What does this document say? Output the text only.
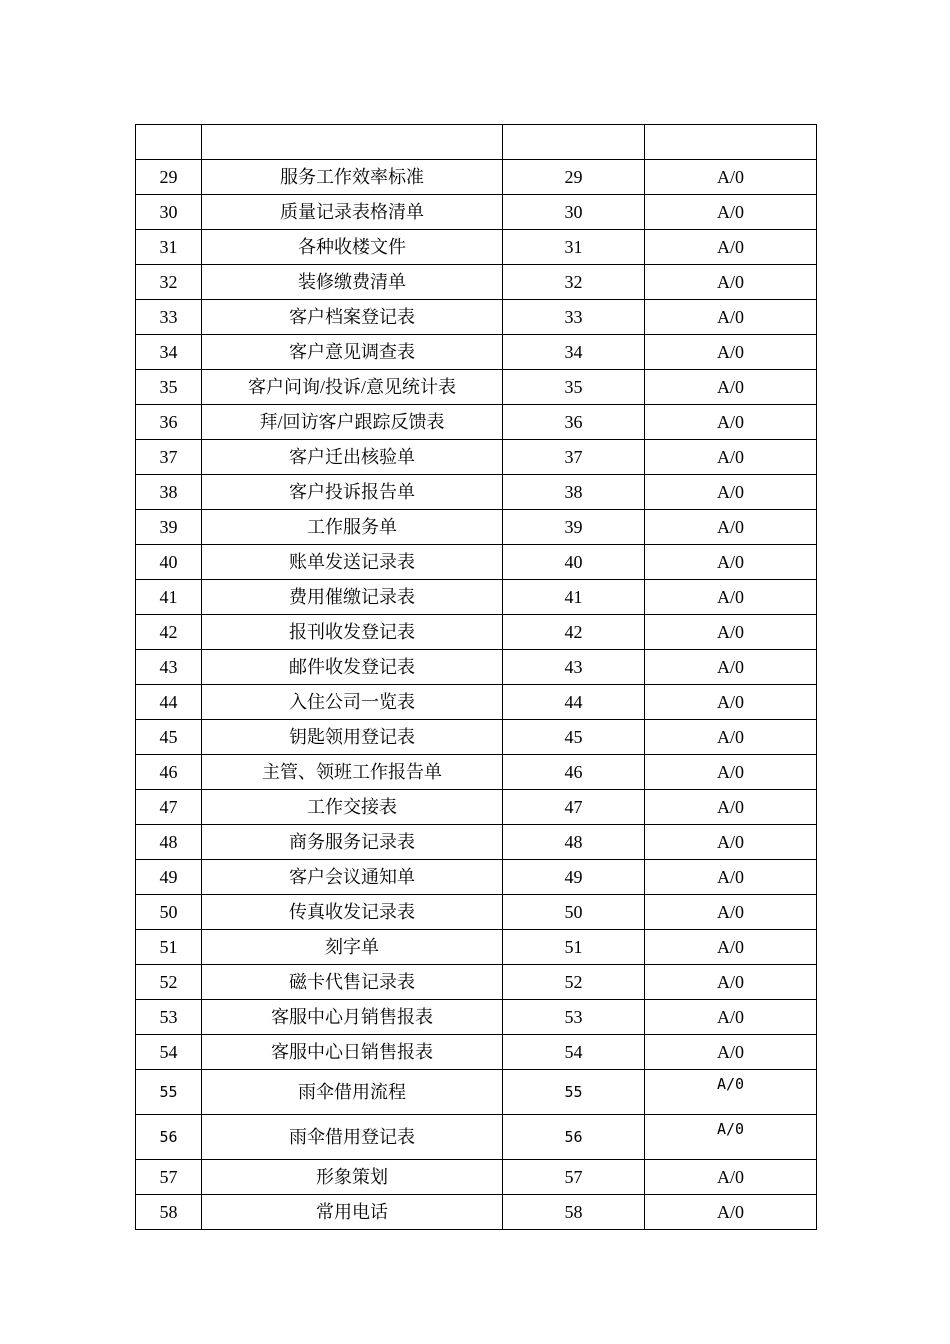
29	服务工作效率标准	29	A/0
30	质量记录表格清单	30	A/0
31	各种收楼文件	31	A/0
32	装修缴费清单	32	A/0
33	客户档案登记表	33	A/0
34	客户意见调查表	34	A/0
35	客户问询/投诉/意见统计表	35	A/0
36	拜/回访客户跟踪反馈表	36	A/0
37	客户迁出核验单	37	A/0
38	客户投诉报告单	38	A/0
39	工作服务单	39	A/0
40	账单发送记录表	40	A/0
41	费用催缴记录表	41	A/0
42	报刊收发登记表	42	A/0
43	邮件收发登记表	43	A/0
44	入住公司一览表	44	A/0
45	钥匙领用登记表	45	A/0
46	主管、领班工作报告单	46	A/0
47	工作交接表	47	A/0
48	商务服务记录表	48	A/0
49	客户会议通知单	49	A/0
50	传真收发记录表	50	A/0
51	刻字单	51	A/0
52	磁卡代售记录表	52	A/0
53	客服中心月销售报表	53	A/0
54	客服中心日销售报表	54	A/0
55	雨伞借用流程	55	A/0
56	雨伞借用登记表	56	A/0
57	形象策划	57	A/0
58	常用电话	58	A/0
